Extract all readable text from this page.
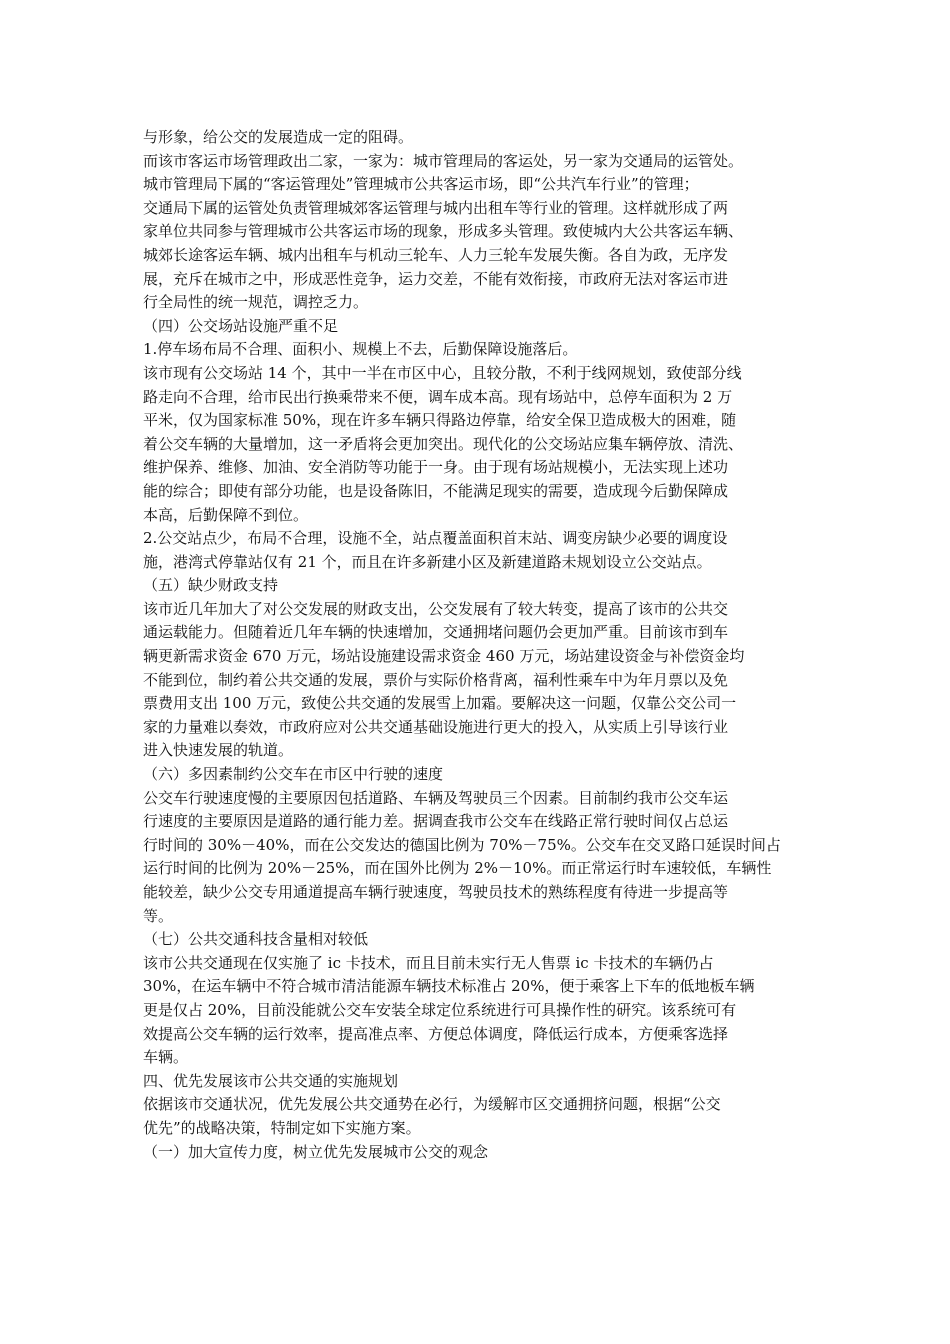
与形象，给公交的发展造成一定的阻碍。

而该市客运市场管理政出二家，一家为：城市管理局的客运处，另一家为交通局的运管处。

城市管理局下属的“客运管理处”管理城市公共客运市场，即“公共汽车行业”的管理；

交通局下属的运管处负责管理城郊客运管理与城内出租车等行业的管理。这样就形成了两

家单位共同参与管理城市公共客运市场的现象，形成多头管理。致使城内大公共客运车辆、

城郊长途客运车辆、城内出租车与机动三轮车、人力三轮车发展失衡。各自为政，无序发

展，充斥在城市之中，形成恶性竞争，运力交差，不能有效衔接，市政府无法对客运市进

行全局性的统一规范，调控乏力。

（四）公交场站设施严重不足

1.停车场布局不合理、面积小、规模上不去，后勤保障设施落后。

该市现有公交场站 14 个，其中一半在市区中心，且较分散，不利于线网规划，致使部分线

路走向不合理，给市民出行换乘带来不便，调车成本高。现有场站中，总停车面积为 2 万

平米，仅为国家标准 50%，现在许多车辆只得路边停靠，给安全保卫造成极大的困难，随

着公交车辆的大量增加，这一矛盾将会更加突出。现代化的公交场站应集车辆停放、清洗、

维护保养、维修、加油、安全消防等功能于一身。由于现有场站规模小，无法实现上述功

能的综合；即使有部分功能，也是设备陈旧，不能满足现实的需要，造成现今后勤保障成

本高，后勤保障不到位。

2.公交站点少，布局不合理，设施不全，站点覆盖面积首末站、调变房缺少必要的调度设

施，港湾式停靠站仅有 21 个，而且在许多新建小区及新建道路未规划设立公交站点。

（五）缺少财政支持

该市近几年加大了对公交发展的财政支出，公交发展有了较大转变，提高了该市的公共交

通运载能力。但随着近几年车辆的快速增加，交通拥堵问题仍会更加严重。目前该市到车

辆更新需求资金 670 万元，场站设施建设需求资金 460 万元，场站建设资金与补偿资金均

不能到位，制约着公共交通的发展，票价与实际价格背离，福利性乘车中为年月票以及免

票费用支出 100 万元，致使公共交通的发展雪上加霜。要解决这一问题，仅靠公交公司一

家的力量难以奏效，市政府应对公共交通基础设施进行更大的投入，从实质上引导该行业

进入快速发展的轨道。

（六）多因素制约公交车在市区中行驶的速度

公交车行驶速度慢的主要原因包括道路、车辆及驾驶员三个因素。目前制约我市公交车运

行速度的主要原因是道路的通行能力差。据调查我市公交车在线路正常行驶时间仅占总运

行时间的 30%－40%，而在公交发达的德国比例为 70%－75%。公交车在交叉路口延误时间占

运行时间的比例为 20%－25%，而在国外比例为 2%－10%。而正常运行时车速较低，车辆性

能较差，缺少公交专用通道提高车辆行驶速度，驾驶员技术的熟练程度有待进一步提高等

等。

（七）公共交通科技含量相对较低

该市公共交通现在仅实施了 ic 卡技术，而且目前未实行无人售票 ic 卡技术的车辆仍占

30%，在运车辆中不符合城市清洁能源车辆技术标准占 20%，便于乘客上下车的低地板车辆

更是仅占 20%，目前没能就公交车安装全球定位系统进行可具操作性的研究。该系统可有

效提高公交车辆的运行效率，提高准点率、方便总体调度，降低运行成本，方便乘客选择

车辆。

四、优先发展该市公共交通的实施规划

依据该市交通状况，优先发展公共交通势在必行，为缓解市区交通拥挤问题，根据“公交

优先”的战略决策，特制定如下实施方案。

（一）加大宣传力度，树立优先发展城市公交的观念
